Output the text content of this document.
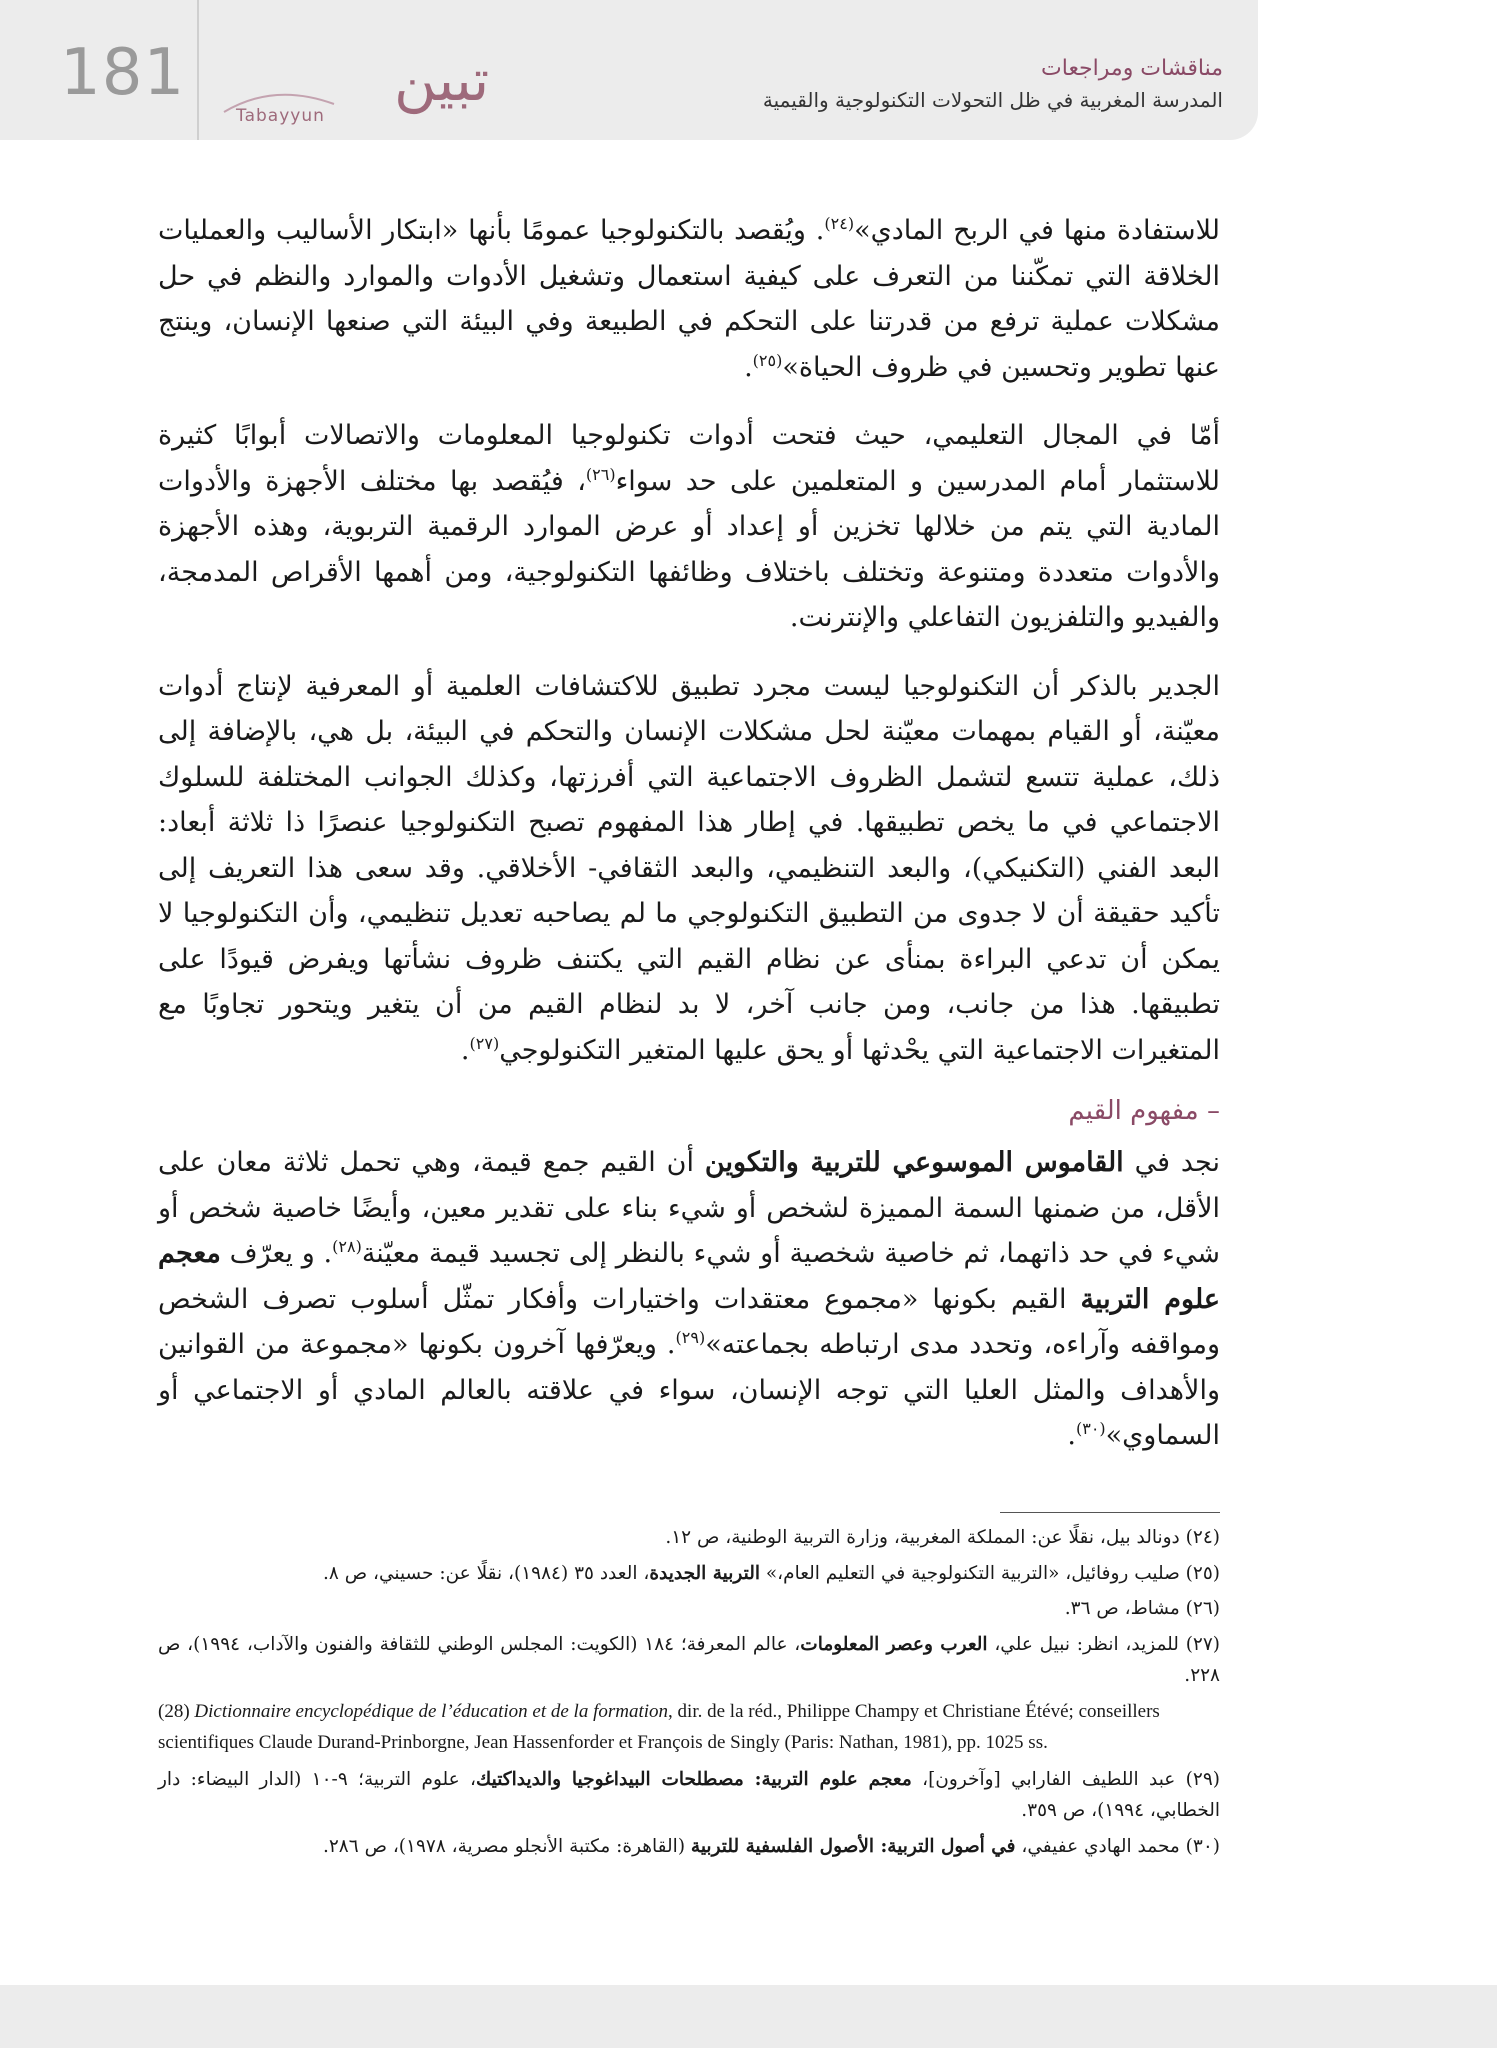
181	تبين
Tabayyun
مناقشات ومراجعات
المدرسة المغربية في ظل التحولات التكنولوجية والقيمية

للاستفادة منها في الربح المادي»$^{(٢٤)}$. ويُقصد بالتكنولوجيا عمومًا بأنها «ابتكار الأساليب والعمليات الخلاقة التي تمكّننا من التعرف على كيفية استعمال وتشغيل الأدوات والموارد والنظم في حل مشكلات عملية ترفع من قدرتنا على التحكم في الطبيعة وفي البيئة التي صنعها الإنسان، وينتج عنها تطوير وتحسين في ظروف الحياة»$^{(٢٥)}$.

أمّا في المجال التعليمي، حيث فتحت أدوات تكنولوجيا المعلومات والاتصالات أبوابًا كثيرة للاستثمار أمام المدرسين و المتعلمين على حد سواء$^{(٢٦)}$، فيُقصد بها مختلف الأجهزة والأدوات المادية التي يتم من خلالها تخزين أو إعداد أو عرض الموارد الرقمية التربوية، وهذه الأجهزة والأدوات متعددة ومتنوعة وتختلف باختلاف وظائفها التكنولوجية، ومن أهمها الأقراص المدمجة، والفيديو والتلفزيون التفاعلي والإنترنت.

الجدير بالذكر أن التكنولوجيا ليست مجرد تطبيق للاكتشافات العلمية أو المعرفية لإنتاج أدوات معيّنة، أو القيام بمهمات معيّنة لحل مشكلات الإنسان والتحكم في البيئة، بل هي، بالإضافة إلى ذلك، عملية تتسع لتشمل الظروف الاجتماعية التي أفرزتها، وكذلك الجوانب المختلفة للسلوك الاجتماعي في ما يخص تطبيقها. في إطار هذا المفهوم تصبح التكنولوجيا عنصرًا ذا ثلاثة أبعاد: البعد الفني (التكنيكي)، والبعد التنظيمي، والبعد الثقافي- الأخلاقي. وقد سعى هذا التعريف إلى تأكيد حقيقة أن لا جدوى من التطبيق التكنولوجي ما لم يصاحبه تعديل تنظيمي، وأن التكنولوجيا لا يمكن أن تدعي البراءة بمنأى عن نظام القيم التي يكتنف ظروف نشأتها ويفرض قيودًا على تطبيقها. هذا من جانب، ومن جانب آخر، لا بد لنظام القيم من أن يتغير ويتحور تجاوبًا مع المتغيرات الاجتماعية التي يحْدثها أو يحق عليها المتغير التكنولوجي$^{(٢٧)}$.

– مفهوم القيم

نجد في القاموس الموسوعي للتربية والتكوين أن القيم جمع قيمة، وهي تحمل ثلاثة معان على الأقل، من ضمنها السمة المميزة لشخص أو شيء بناء على تقدير معين، وأيضًا خاصية شخص أو شيء في حد ذاتهما، ثم خاصية شخصية أو شيء بالنظر إلى تجسيد قيمة معيّنة$^{(٢٨)}$. و يعرّف معجم علوم التربية القيم بكونها «مجموع معتقدات واختيارات وأفكار تمثّل أسلوب تصرف الشخص ومواقفه وآراءه، وتحدد مدى ارتباطه بجماعته»$^{(٢٩)}$. ويعرّفها آخرون بكونها «مجموعة من القوانين والأهداف والمثل العليا التي توجه الإنسان، سواء في علاقته بالعالم المادي أو الاجتماعي أو السماوي»$^{(٣٠)}$.

(٢٤) دونالد بيل، نقلًا عن: المملكة المغربية، وزارة التربية الوطنية، ص ١٢.
(٢٥) صليب روفائيل، «التربية التكنولوجية في التعليم العام،» التربية الجديدة، العدد ٣٥ (١٩٨٤)، نقلًا عن: حسيني، ص ٨.
(٢٦) مشاط، ص ٣٦.
(٢٧) للمزيد، انظر: نبيل علي، العرب وعصر المعلومات، عالم المعرفة؛ ١٨٤ (الكويت: المجلس الوطني للثقافة والفنون والآداب، ١٩٩٤)، ص ٢٢٨.
(28) Dictionnaire encyclopédique de l’éducation et de la formation, dir. de la réd., Philippe Champy et Christiane Étévé; conseillers scientifiques Claude Durand-Prinborgne, Jean Hassenforder et François de Singly (Paris: Nathan, 1981), pp. 1025 ss.
(٢٩) عبد اللطيف الفارابي [وآخرون]، معجم علوم التربية: مصطلحات البيداغوجيا والديداكتيك، علوم التربية؛ ٩-١٠ (الدار البيضاء: دار الخطابي، ١٩٩٤)، ص ٣٥٩.
(٣٠) محمد الهادي عفيفي، في أصول التربية: الأصول الفلسفية للتربية (القاهرة: مكتبة الأنجلو مصرية، ١٩٧٨)، ص ٢٨٦.
